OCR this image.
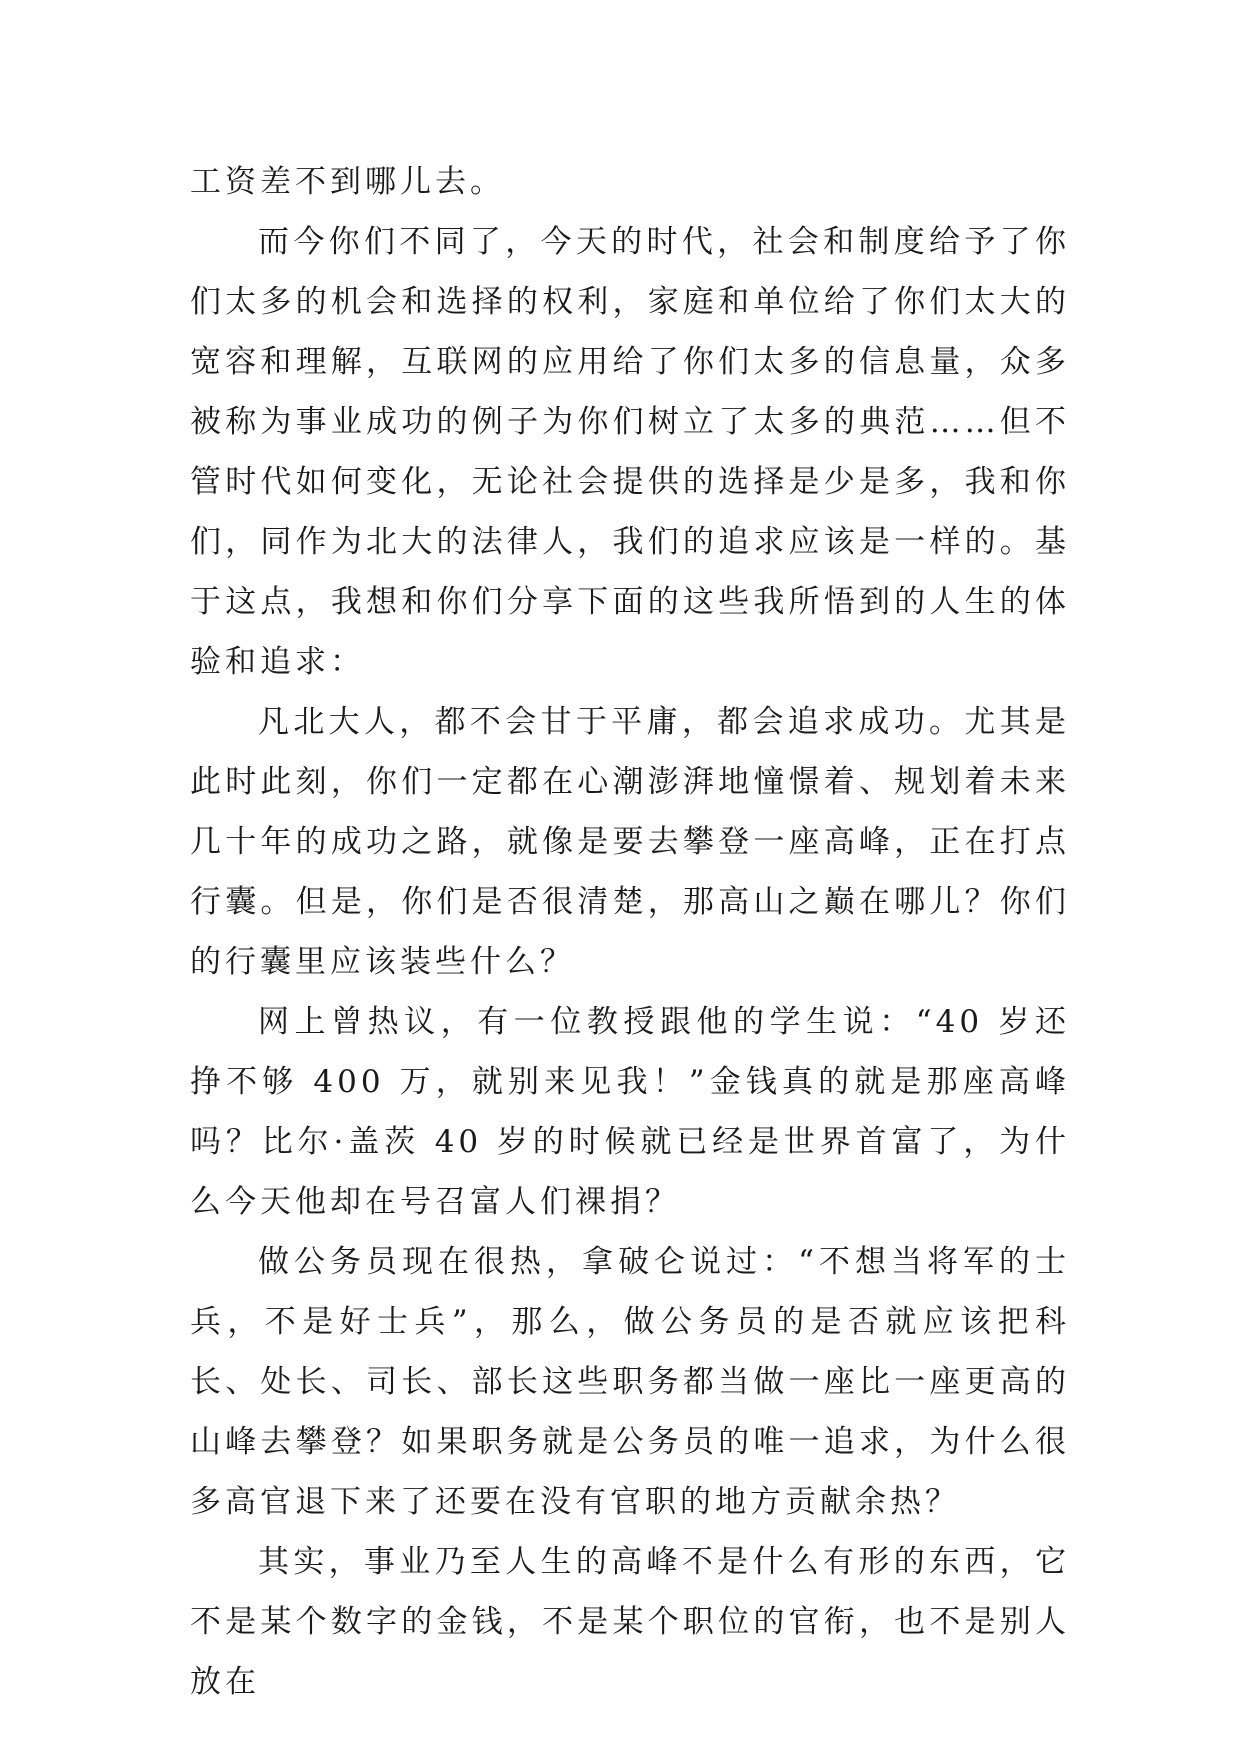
工资差不到哪儿去。

而今你们不同了，今天的时代，社会和制度给予了你们太多的机会和选择的权利，家庭和单位给了你们太大的宽容和理解，互联网的应用给了你们太多的信息量，众多被称为事业成功的例子为你们树立了太多的典范……但不管时代如何变化，无论社会提供的选择是少是多，我和你们，同作为北大的法律人，我们的追求应该是一样的。基于这点，我想和你们分享下面的这些我所悟到的人生的体验和追求：

凡北大人，都不会甘于平庸，都会追求成功。尤其是此时此刻，你们一定都在心潮澎湃地憧憬着、规划着未来几十年的成功之路，就像是要去攀登一座高峰，正在打点行囊。但是，你们是否很清楚，那高山之巅在哪儿？你们的行囊里应该装些什么？

网上曾热议，有一位教授跟他的学生说：“40 岁还挣不够 400 万，就别来见我！”金钱真的就是那座高峰吗？比尔·盖茨 40 岁的时候就已经是世界首富了，为什么今天他却在号召富人们裸捐？

做公务员现在很热，拿破仑说过：“不想当将军的士兵，不是好士兵”，那么，做公务员的是否就应该把科长、处长、司长、部长这些职务都当做一座比一座更高的山峰去攀登？如果职务就是公务员的唯一追求，为什么很多高官退下来了还要在没有官职的地方贡献余热？

其实，事业乃至人生的高峰不是什么有形的东西，它不是某个数字的金钱，不是某个职位的官衔，也不是别人放在
